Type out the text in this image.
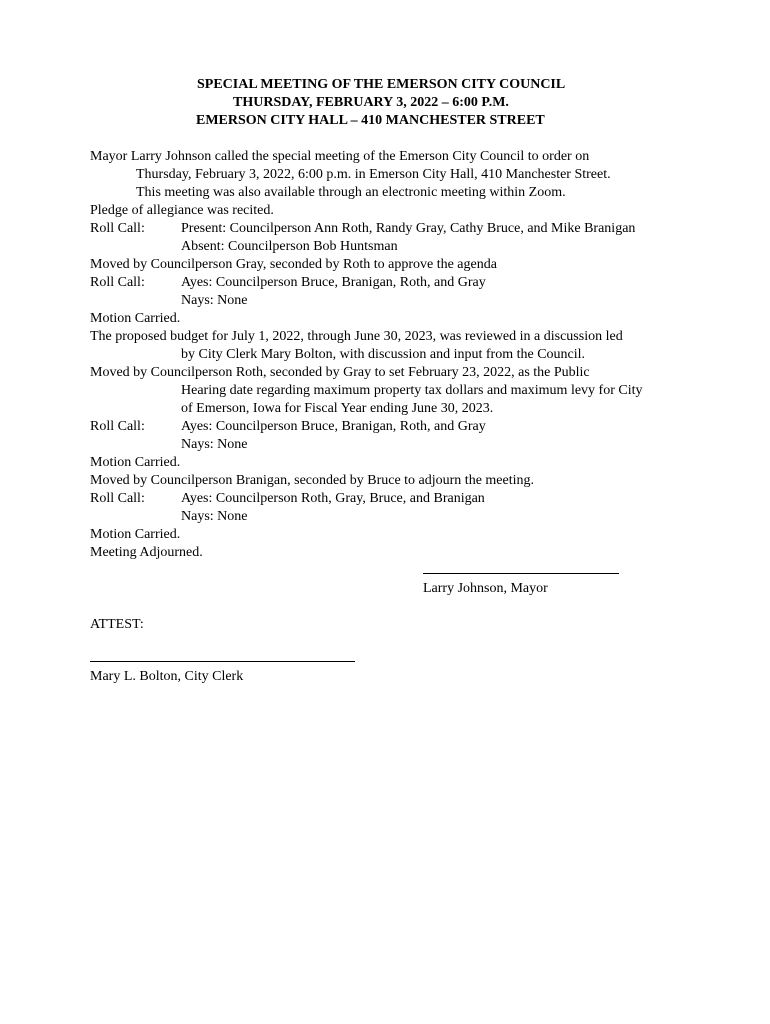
SPECIAL MEETING OF THE EMERSON CITY COUNCIL
THURSDAY, FEBRUARY 3, 2022 – 6:00 P.M.
EMERSON CITY HALL – 410 MANCHESTER STREET
Mayor Larry Johnson called the special meeting of the Emerson City Council to order on
Thursday, February 3, 2022, 6:00 p.m. in Emerson City Hall, 410 Manchester Street.
This meeting was also available through an electronic meeting within Zoom.
Pledge of allegiance was recited.
Roll Call:	Present: Councilperson Ann Roth, Randy Gray, Cathy Bruce, and Mike Branigan
Absent: Councilperson Bob Huntsman
Moved by Councilperson Gray, seconded by Roth to approve the agenda
Roll Call:	Ayes: Councilperson Bruce, Branigan, Roth, and Gray
Nays: None
Motion Carried.
The proposed budget for July 1, 2022, through June 30, 2023, was reviewed in a discussion led
by City Clerk Mary Bolton, with discussion and input from the Council.
Moved by Councilperson Roth, seconded by Gray to set February 23, 2022, as the Public
Hearing date regarding maximum property tax dollars and maximum levy for City
of Emerson, Iowa for Fiscal Year ending June 30, 2023.
Roll Call:	Ayes: Councilperson Bruce, Branigan, Roth, and Gray
Nays: None
Motion Carried.
Moved by Councilperson Branigan, seconded by Bruce to adjourn the meeting.
Roll Call:	Ayes: Councilperson Roth, Gray, Bruce, and Branigan
Nays: None
Motion Carried.
Meeting Adjourned.
Larry Johnson, Mayor
ATTEST:
Mary L. Bolton, City Clerk
